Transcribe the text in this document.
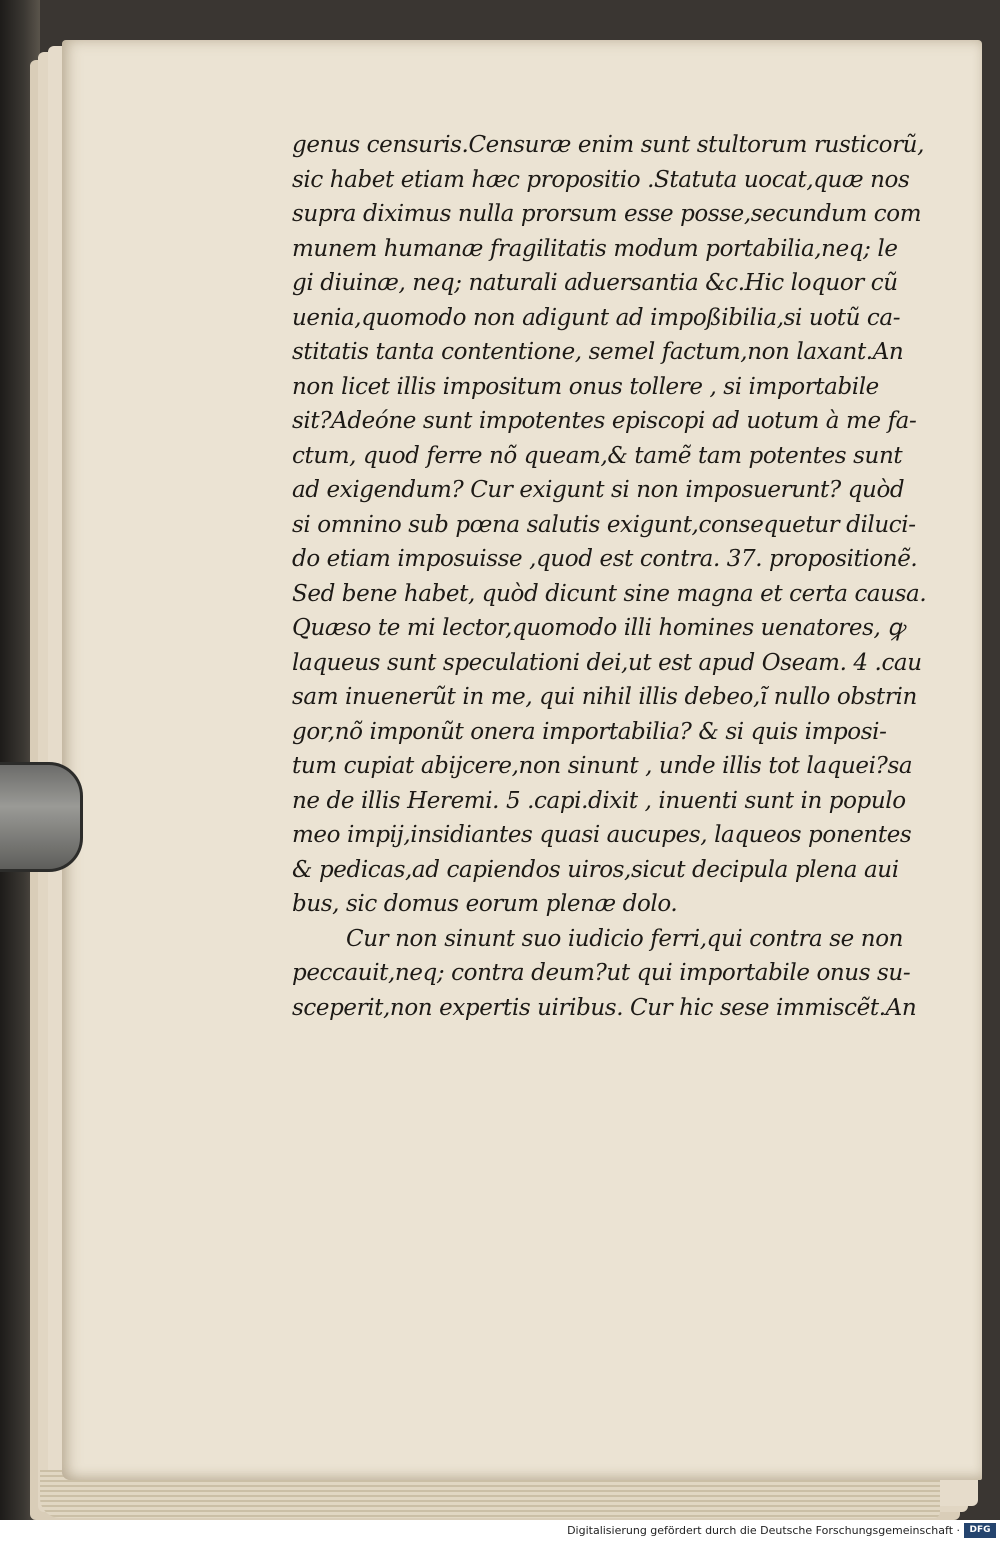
genus censuris.Censuræ enim sunt stultorum rusticorũ,
sic habet etiam hæc propositio .Statuta uocat,quæ nos
supra diximus nulla prorsum esse posse,secundum com
munem humanæ fragilitatis modum portabilia,neq; le
gi diuinæ, neq; naturali aduersantia &c.Hic loquor cũ
uenia,quomodo non adigunt ad impoßibilia,si uotũ ca-
stitatis tanta contentione, semel factum,non laxant.An
non licet illis impositum onus tollere , si importabile
sit?Adeóne sunt impotentes episcopi ad uotum à me fa-
ctum, quod ferre nõ queam,& tamẽ tam potentes sunt
ad exigendum? Cur exigunt si non imposuerunt? quòd
si omnino sub pœna salutis exigunt,consequetur diluci-
do etiam imposuisse ,quod est contra. 37. propositionẽ.
Sed bene habet, quòd dicunt sine magna et certa causa.
Quæso te mi lector,quomodo illi homines uenatores, ꝙ
laqueus sunt speculationi dei,ut est apud Oseam. 4 .cau
sam inuenerũt in me, qui nihil illis debeo,ĩ nullo obstrin
gor,nõ imponũt onera importabilia? & si quis imposi-
tum cupiat abijcere,non sinunt , unde illis tot laquei?sa
ne de illis Heremi. 5 .capi.dixit , inuenti sunt in populo
meo impij,insidiantes quasi aucupes, laqueos ponentes
& pedicas,ad capiendos uiros,sicut decipula plena aui
bus, sic domus eorum plenæ dolo.
Cur non sinunt suo iudicio ferri,qui contra se non
peccauit,neq; contra deum?ut qui importabile onus su-
sceperit,non expertis uiribus. Cur hic sese immiscẽt.An
Digitalisierung gefördert durch die Deutsche Forschungsgemeinschaft ·	DFG
